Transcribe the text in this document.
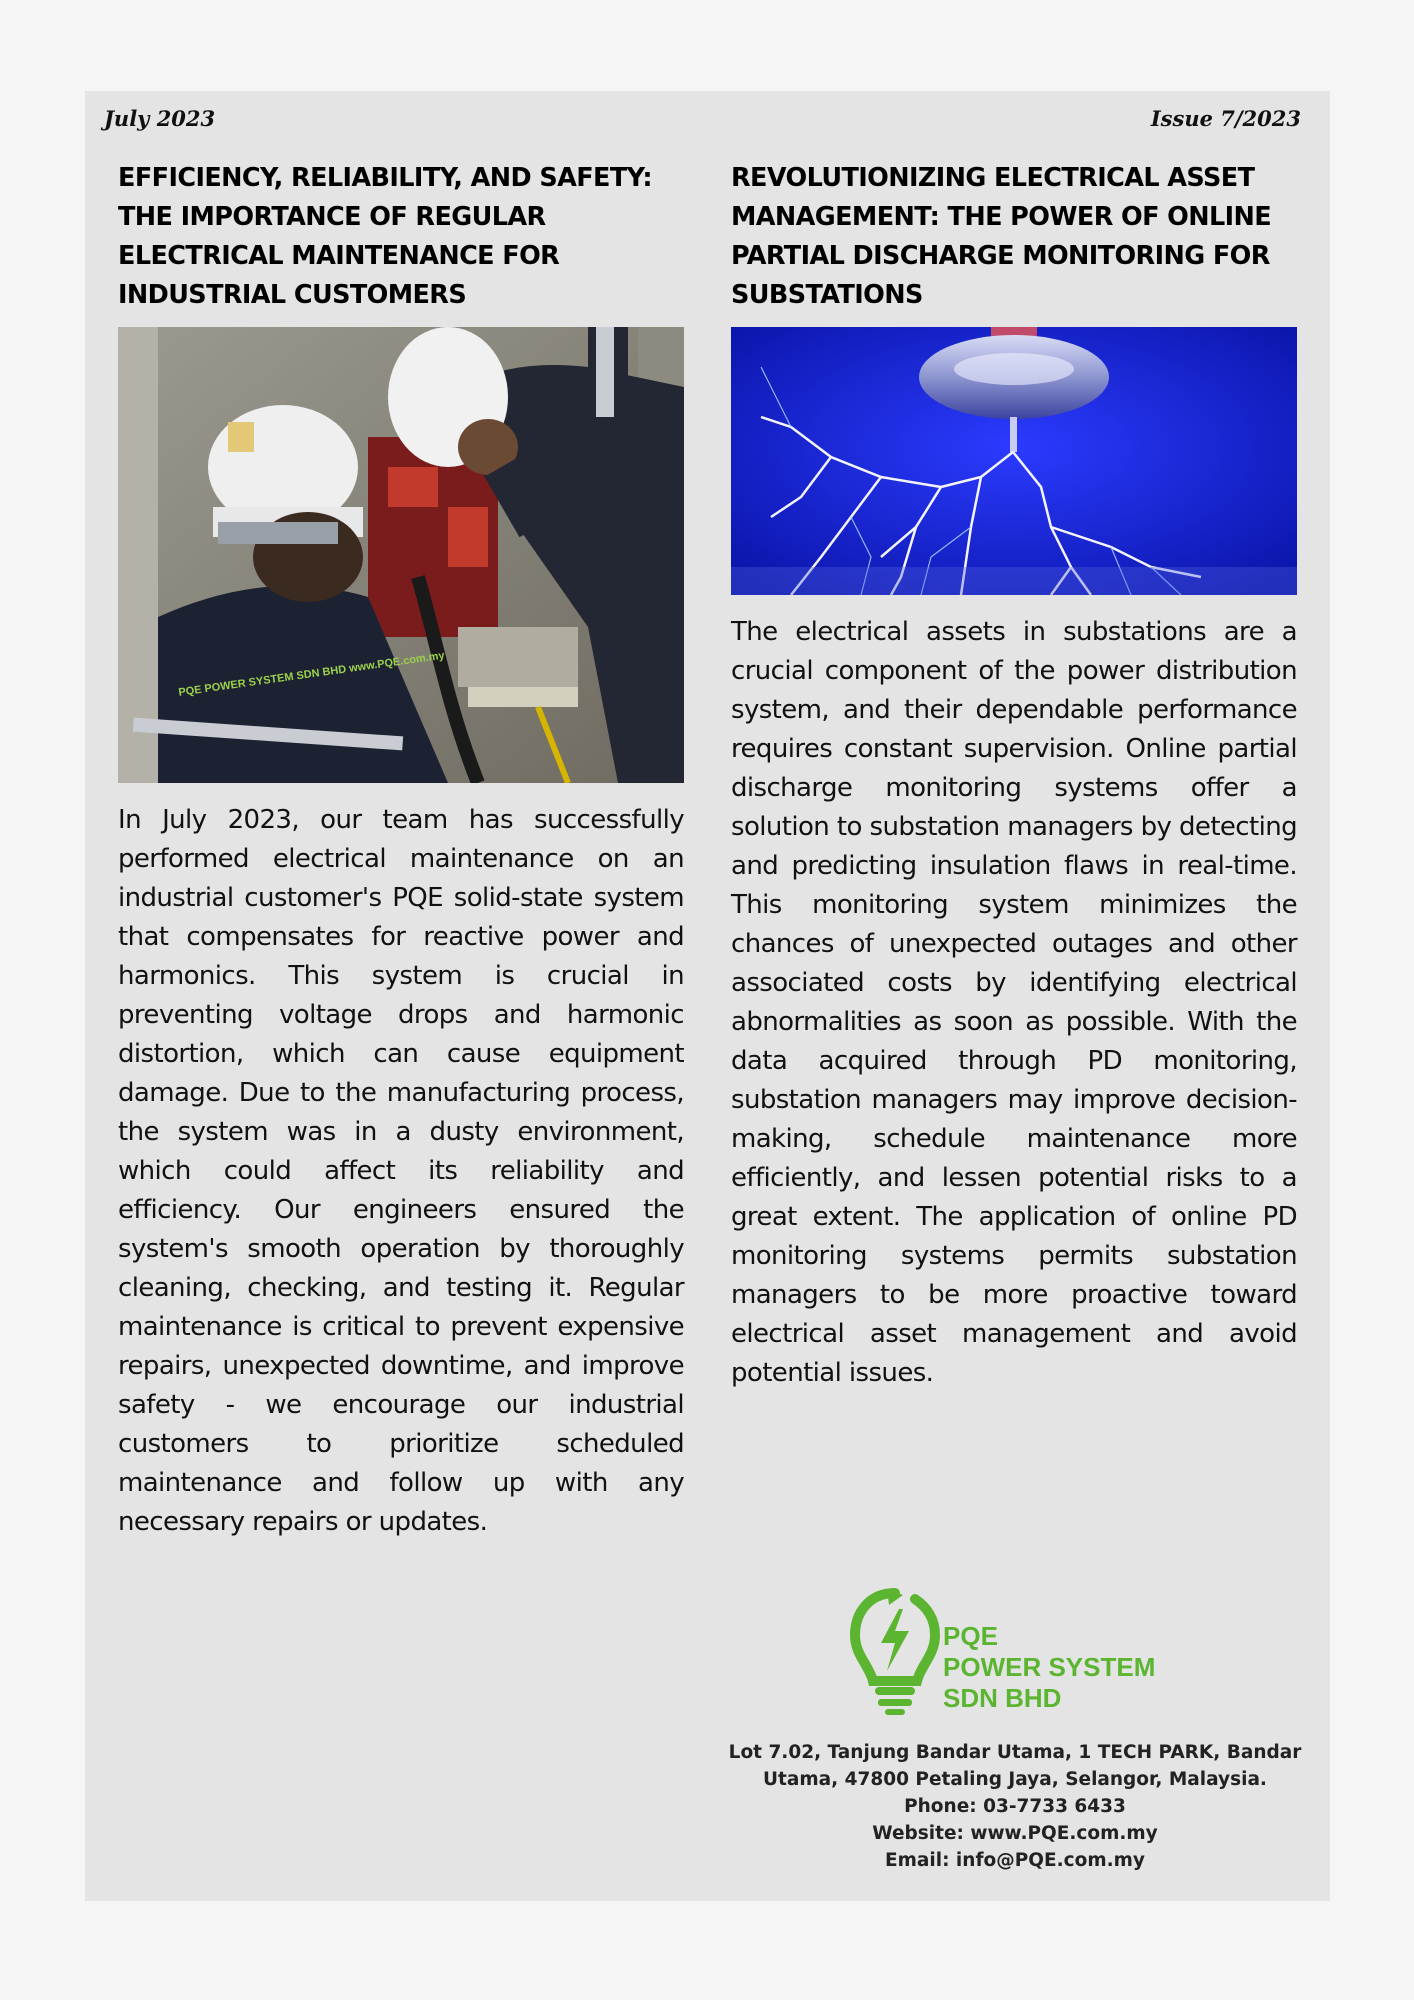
July 2023	Issue 7/2023
EFFICIENCY, RELIABILITY, AND SAFETY: THE IMPORTANCE OF REGULAR ELECTRICAL MAINTENANCE FOR INDUSTRIAL CUSTOMERS
PQE POWER SYSTEM SDN BHD www.PQE.com.my

In July 2023, our team has successfully performed electrical maintenance on an industrial customer's PQE solid-state system that compensates for reactive power and harmonics. This system is crucial in preventing voltage drops and harmonic distortion, which can cause equipment damage. Due to the manufacturing process, the system was in a dusty environment, which could affect its reliability and efficiency. Our engineers ensured the system's smooth operation by thoroughly cleaning, checking, and testing it. Regular maintenance is critical to prevent expensive repairs, unexpected downtime, and improve safety - we encourage our industrial customers to prioritize scheduled maintenance and follow up with any necessary repairs or updates.

REVOLUTIONIZING ELECTRICAL ASSET MANAGEMENT: THE POWER OF ONLINE PARTIAL DISCHARGE MONITORING FOR SUBSTATIONS

The electrical assets in substations are a crucial component of the power distribution system, and their dependable performance requires constant supervision. Online partial discharge monitoring systems offer a solution to substation managers by detecting and predicting insulation flaws in real-time. This monitoring system minimizes the chances of unexpected outages and other associated costs by identifying electrical abnormalities as soon as possible. With the data acquired through PD monitoring, substation managers may improve decision-making, schedule maintenance more efficiently, and lessen potential risks to a great extent. The application of online PD monitoring systems permits substation managers to be more proactive toward electrical asset management and avoid potential issues.

PQE
POWER SYSTEM
SDN BHD
Lot 7.02, Tanjung Bandar Utama, 1 TECH PARK, Bandar
Utama, 47800 Petaling Jaya, Selangor, Malaysia.
Phone: 03-7733 6433
Website: www.PQE.com.my
Email: info@PQE.com.my
